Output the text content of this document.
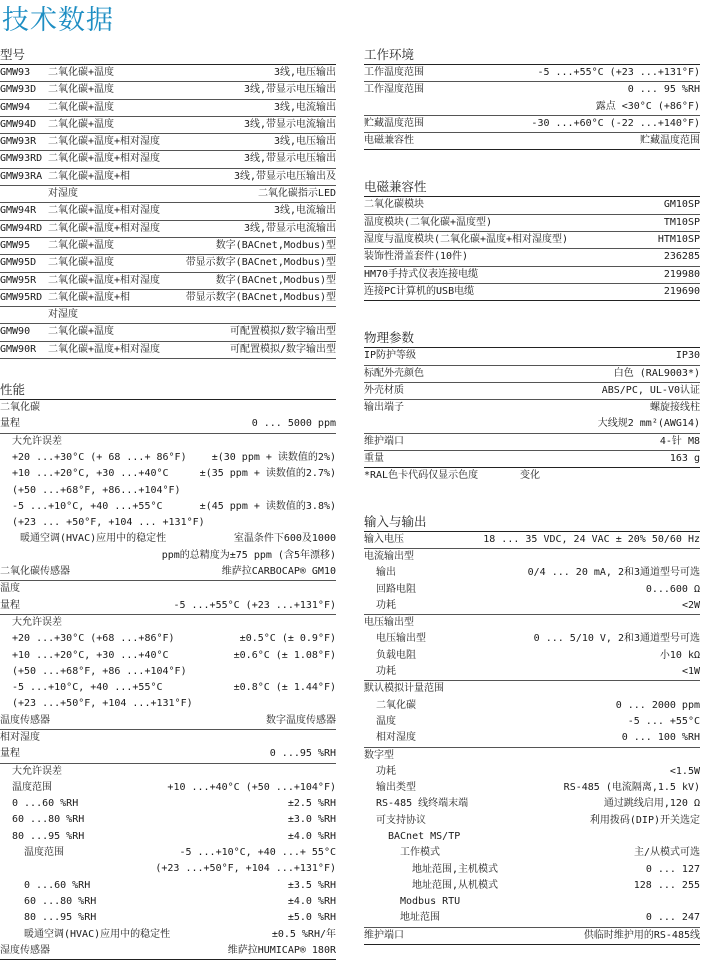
技术数据
型号
GMW93 二氧化碳+温度	3线,电压输出
GMW93D 二氧化碳+温度	3线,带显示电压输出
GMW94 二氧化碳+温度	3线,电流输出
GMW94D 二氧化碳+温度	3线,带显示电流输出
GMW93R 二氧化碳+温度+相对湿度	3线,电压输出
GMW93RD 二氧化碳+温度+相对湿度	3线,带显示电压输出
GMW93RA 二氧化碳+温度+相	3线,带显示电压输出及
对湿度	二氧化碳指示LED
GMW94R 二氧化碳+温度+相对湿度	3线,电流输出
GMW94RD 二氧化碳+温度+相对湿度	3线,带显示电流输出
GMW95 二氧化碳+温度	数字(BACnet,Modbus)型
GMW95D 二氧化碳+温度	带显示数字(BACnet,Modbus)型
GMW95R 二氧化碳+温度+相对湿度	数字(BACnet,Modbus)型
GMW95RD 二氧化碳+温度+相	带显示数字(BACnet,Modbus)型
对湿度
GMW90 二氧化碳+温度	可配置模拟/数字输出型
GMW90R 二氧化碳+温度+相对湿度	可配置模拟/数字输出型
性能
二氧化碳
量程	0 ... 5000 ppm
大允许误差
+20 ...+30°C (+ 68 ...+ 86°F)	±(30 ppm + 读数值的2%)
+10 ...+20°C, +30 ...+40°C	±(35 ppm + 读数值的2.7%)
(+50 ...+68°F, +86...+104°F)
-5 ...+10°C, +40 ...+55°C	±(45 ppm + 读数值的3.8%)
(+23 ... +50°F, +104 ... +131°F)
暖通空调(HVAC)应用中的稳定性	室温条件下600及1000
ppm的总精度为±75 ppm (含5年漂移)
二氧化碳传感器	维萨拉CARBOCAP® GM10
温度
量程	-5 ...+55°C (+23 ...+131°F)
大允许误差
+20 ...+30°C (+68 ...+86°F)	±0.5°C (± 0.9°F)
+10 ...+20°C, +30 ...+40°C	±0.6°C (± 1.08°F)
(+50 ...+68°F, +86 ...+104°F)
-5 ...+10°C, +40 ...+55°C	±0.8°C (± 1.44°F)
(+23 ...+50°F, +104 ...+131°F)
温度传感器	数字温度传感器
相对湿度
量程	0 ...95 %RH
大允许误差
温度范围	+10 ...+40°C (+50 ...+104°F)
0 ...60 %RH	±2.5 %RH
60 ...80 %RH	±3.0 %RH
80 ...95 %RH	±4.0 %RH
温度范围	-5 ...+10°C, +40 ...+ 55°C
(+23 ...+50°F, +104 ...+131°F)
0 ...60 %RH	±3.5 %RH
60 ...80 %RH	±4.0 %RH
80 ...95 %RH	±5.0 %RH
暖通空调(HVAC)应用中的稳定性	±0.5 %RH/年
湿度传感器	维萨拉HUMICAP® 180R
工作环境
工作温度范围	-5 ...+55°C (+23 ...+131°F)
工作湿度范围	0 ... 95 %RH
露点 <30°C (+86°F)
贮藏温度范围	-30 ...+60°C (-22 ...+140°F)
电磁兼容性	贮藏温度范围
电磁兼容性
二氧化碳模块	GM10SP
温度模块(二氧化碳+温度型)	TM10SP
湿度与温度模块(二氧化碳+温度+相对湿度型)	HTM10SP
装饰性滑盖套件(10件)	236285
HM70手持式仪表连接电缆	219980
连接PC计算机的USB电缆	219690
物理参数
IP防护等级	IP30
标配外壳颜色	白色 (RAL9003*)
外壳材质	ABS/PC, UL-V0认证
输出端子	螺旋接线柱
大线规2 mm²(AWG14)
维护端口	4-针 M8
重量	163 g
*RAL色卡代码仅显示色度	变化
输入与输出
输入电压	18 ... 35 VDC, 24 VAC ± 20% 50/60 Hz
电流输出型
输出	0/4 ... 20 mA, 2和3通道型号可选
回路电阻	0...600 Ω
功耗	<2W
电压输出型
电压输出型	0 ... 5/10 V, 2和3通道型号可选
负载电阻	小10 kΩ
功耗	<1W
默认模拟计量范围
二氧化碳	0 ... 2000 ppm
温度	-5 ... +55°C
相对湿度	0 ... 100 %RH
数字型
功耗	<1.5W
输出类型	RS-485 (电流隔离,1.5 kV)
RS-485 线终端末端	通过跳线启用,120 Ω
可支持协议	利用拨码(DIP)开关选定
BACnet MS/TP
工作模式	主/从模式可选
地址范围,主机模式	0 ... 127
地址范围,从机模式	128 ... 255
Modbus RTU
地址范围	0 ... 247
维护端口	供临时维护用的RS-485线
